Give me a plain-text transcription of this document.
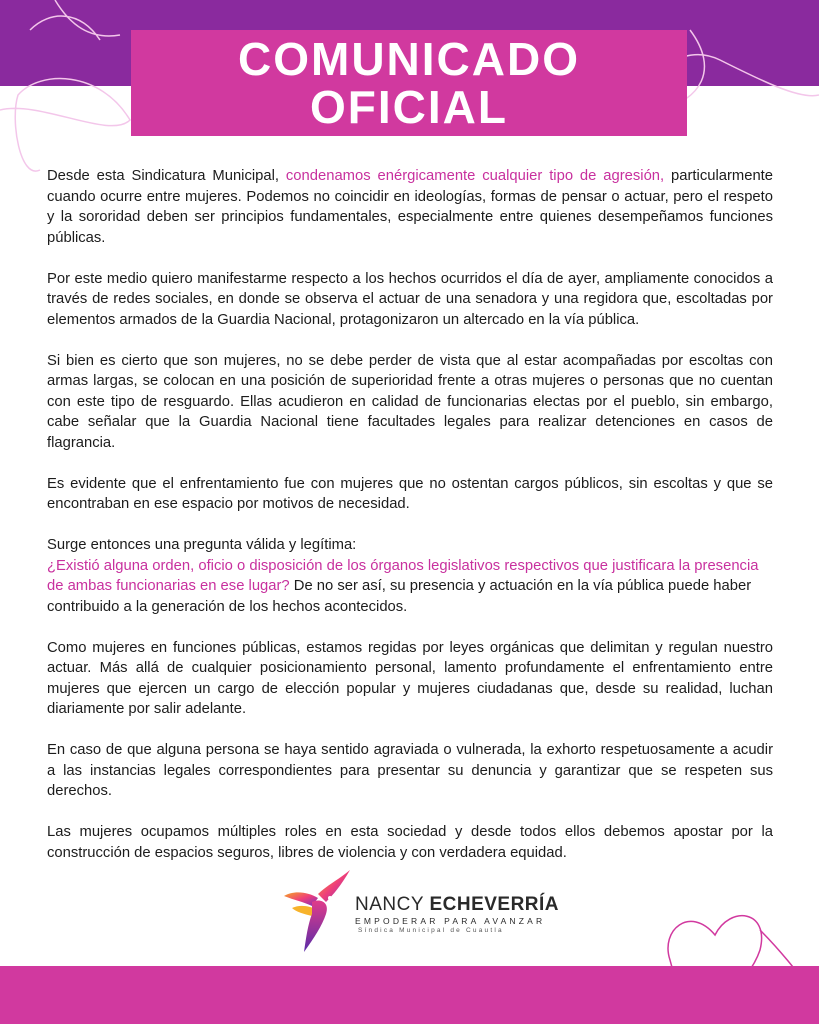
COMUNICADO
OFICIAL

Desde esta Sindicatura Municipal, condenamos enérgicamente cualquier tipo de agresión, particularmente cuando ocurre entre mujeres. Podemos no coincidir en ideologías, formas de pensar o actuar, pero el respeto y la sororidad deben ser principios fundamentales, especialmente entre quienes desempeñamos funciones públicas.

Por este medio quiero manifestarme respecto a los hechos ocurridos el día de ayer, ampliamente conocidos a través de redes sociales, en donde se observa el actuar de una senadora y una regidora que, escoltadas por elementos armados de la Guardia Nacional, protagonizaron un altercado en la vía pública.

Si bien es cierto que son mujeres, no se debe perder de vista que al estar acompañadas por escoltas con armas largas, se colocan en una posición de superioridad frente a otras mujeres o personas que no cuentan con este tipo de resguardo. Ellas acudieron en calidad de funcionarias electas por el pueblo, sin embargo, cabe señalar que la Guardia Nacional tiene facultades legales para realizar detenciones en casos de flagrancia.

Es evidente que el enfrentamiento fue con mujeres que no ostentan cargos públicos, sin escoltas y que se encontraban en ese espacio por motivos de necesidad.

Surge entonces una pregunta válida y legítima:
¿Existió alguna orden, oficio o disposición de los órganos legislativos respectivos que justificara la presencia de ambas funcionarias en ese lugar? De no ser así, su presencia y actuación en la vía pública puede haber contribuido a la generación de los hechos acontecidos.

Como mujeres en funciones públicas, estamos regidas por leyes orgánicas que delimitan y regulan nuestro actuar. Más allá de cualquier posicionamiento personal, lamento profundamente el enfrentamiento entre mujeres que ejercen un cargo de elección popular y mujeres ciudadanas que, desde su realidad, luchan diariamente por salir adelante.

En caso de que alguna persona se haya sentido agraviada o vulnerada, la exhorto respetuosamente a acudir a las instancias legales correspondientes para presentar su denuncia y garantizar que se respeten sus derechos.

Las mujeres ocupamos múltiples roles en esta sociedad y desde todos ellos debemos apostar por la construcción de espacios seguros, libres de violencia y con verdadera equidad.

NANCY ECHEVERRÍA
EMPODERAR PARA AVANZAR
Síndica Municipal de Cuautla
